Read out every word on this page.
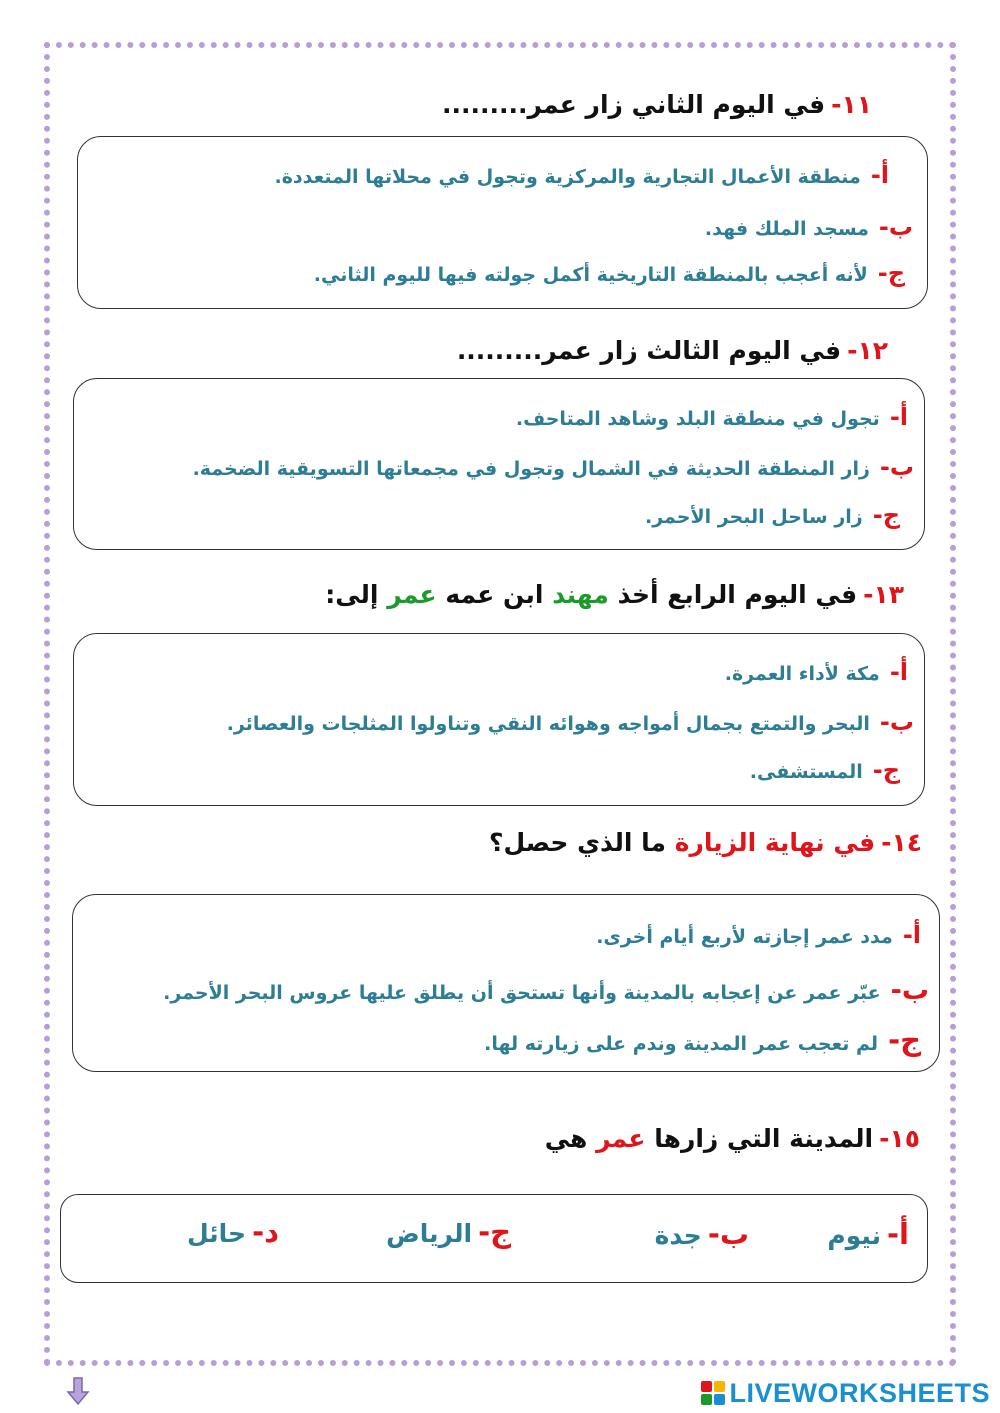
١١-في اليوم الثاني زار عمر.........
أ-منطقة الأعمال التجارية والمركزية وتجول في محلاتها المتعددة.
ب-مسجد الملك فهد.
ج-لأنه أعجب بالمنطقة التاريخية أكمل جولته فيها لليوم الثاني.
١٢-في اليوم الثالث زار عمر.........
أ-تجول في منطقة البلد وشاهد المتاحف.
ب-زار المنطقة الحديثة في الشمال وتجول في مجمعاتها التسويقية الضخمة.
ج-زار ساحل البحر الأحمر.
١٣-في اليوم الرابع أخذ مهند ابن عمه عمر إلى:
أ-مكة لأداء العمرة.
ب-البحر والتمتع بجمال أمواجه وهوائه النقي وتناولوا المثلجات والعصائر.
ج-المستشفى.
١٤-في نهاية الزيارة ما الذي حصل؟
أ-مدد عمر إجازته لأربع أيام أخرى.
ب-عبّر عمر عن إعجابه بالمدينة وأنها تستحق أن يطلق عليها عروس البحر الأحمر.
ج-لم تعجب عمر المدينة وندم على زيارته لها.
١٥-المدينة التي زارها عمر هي
أ-نيوم
ب-جدة
ج-الرياض
د-حائل
LIVEWORKSHEETS
